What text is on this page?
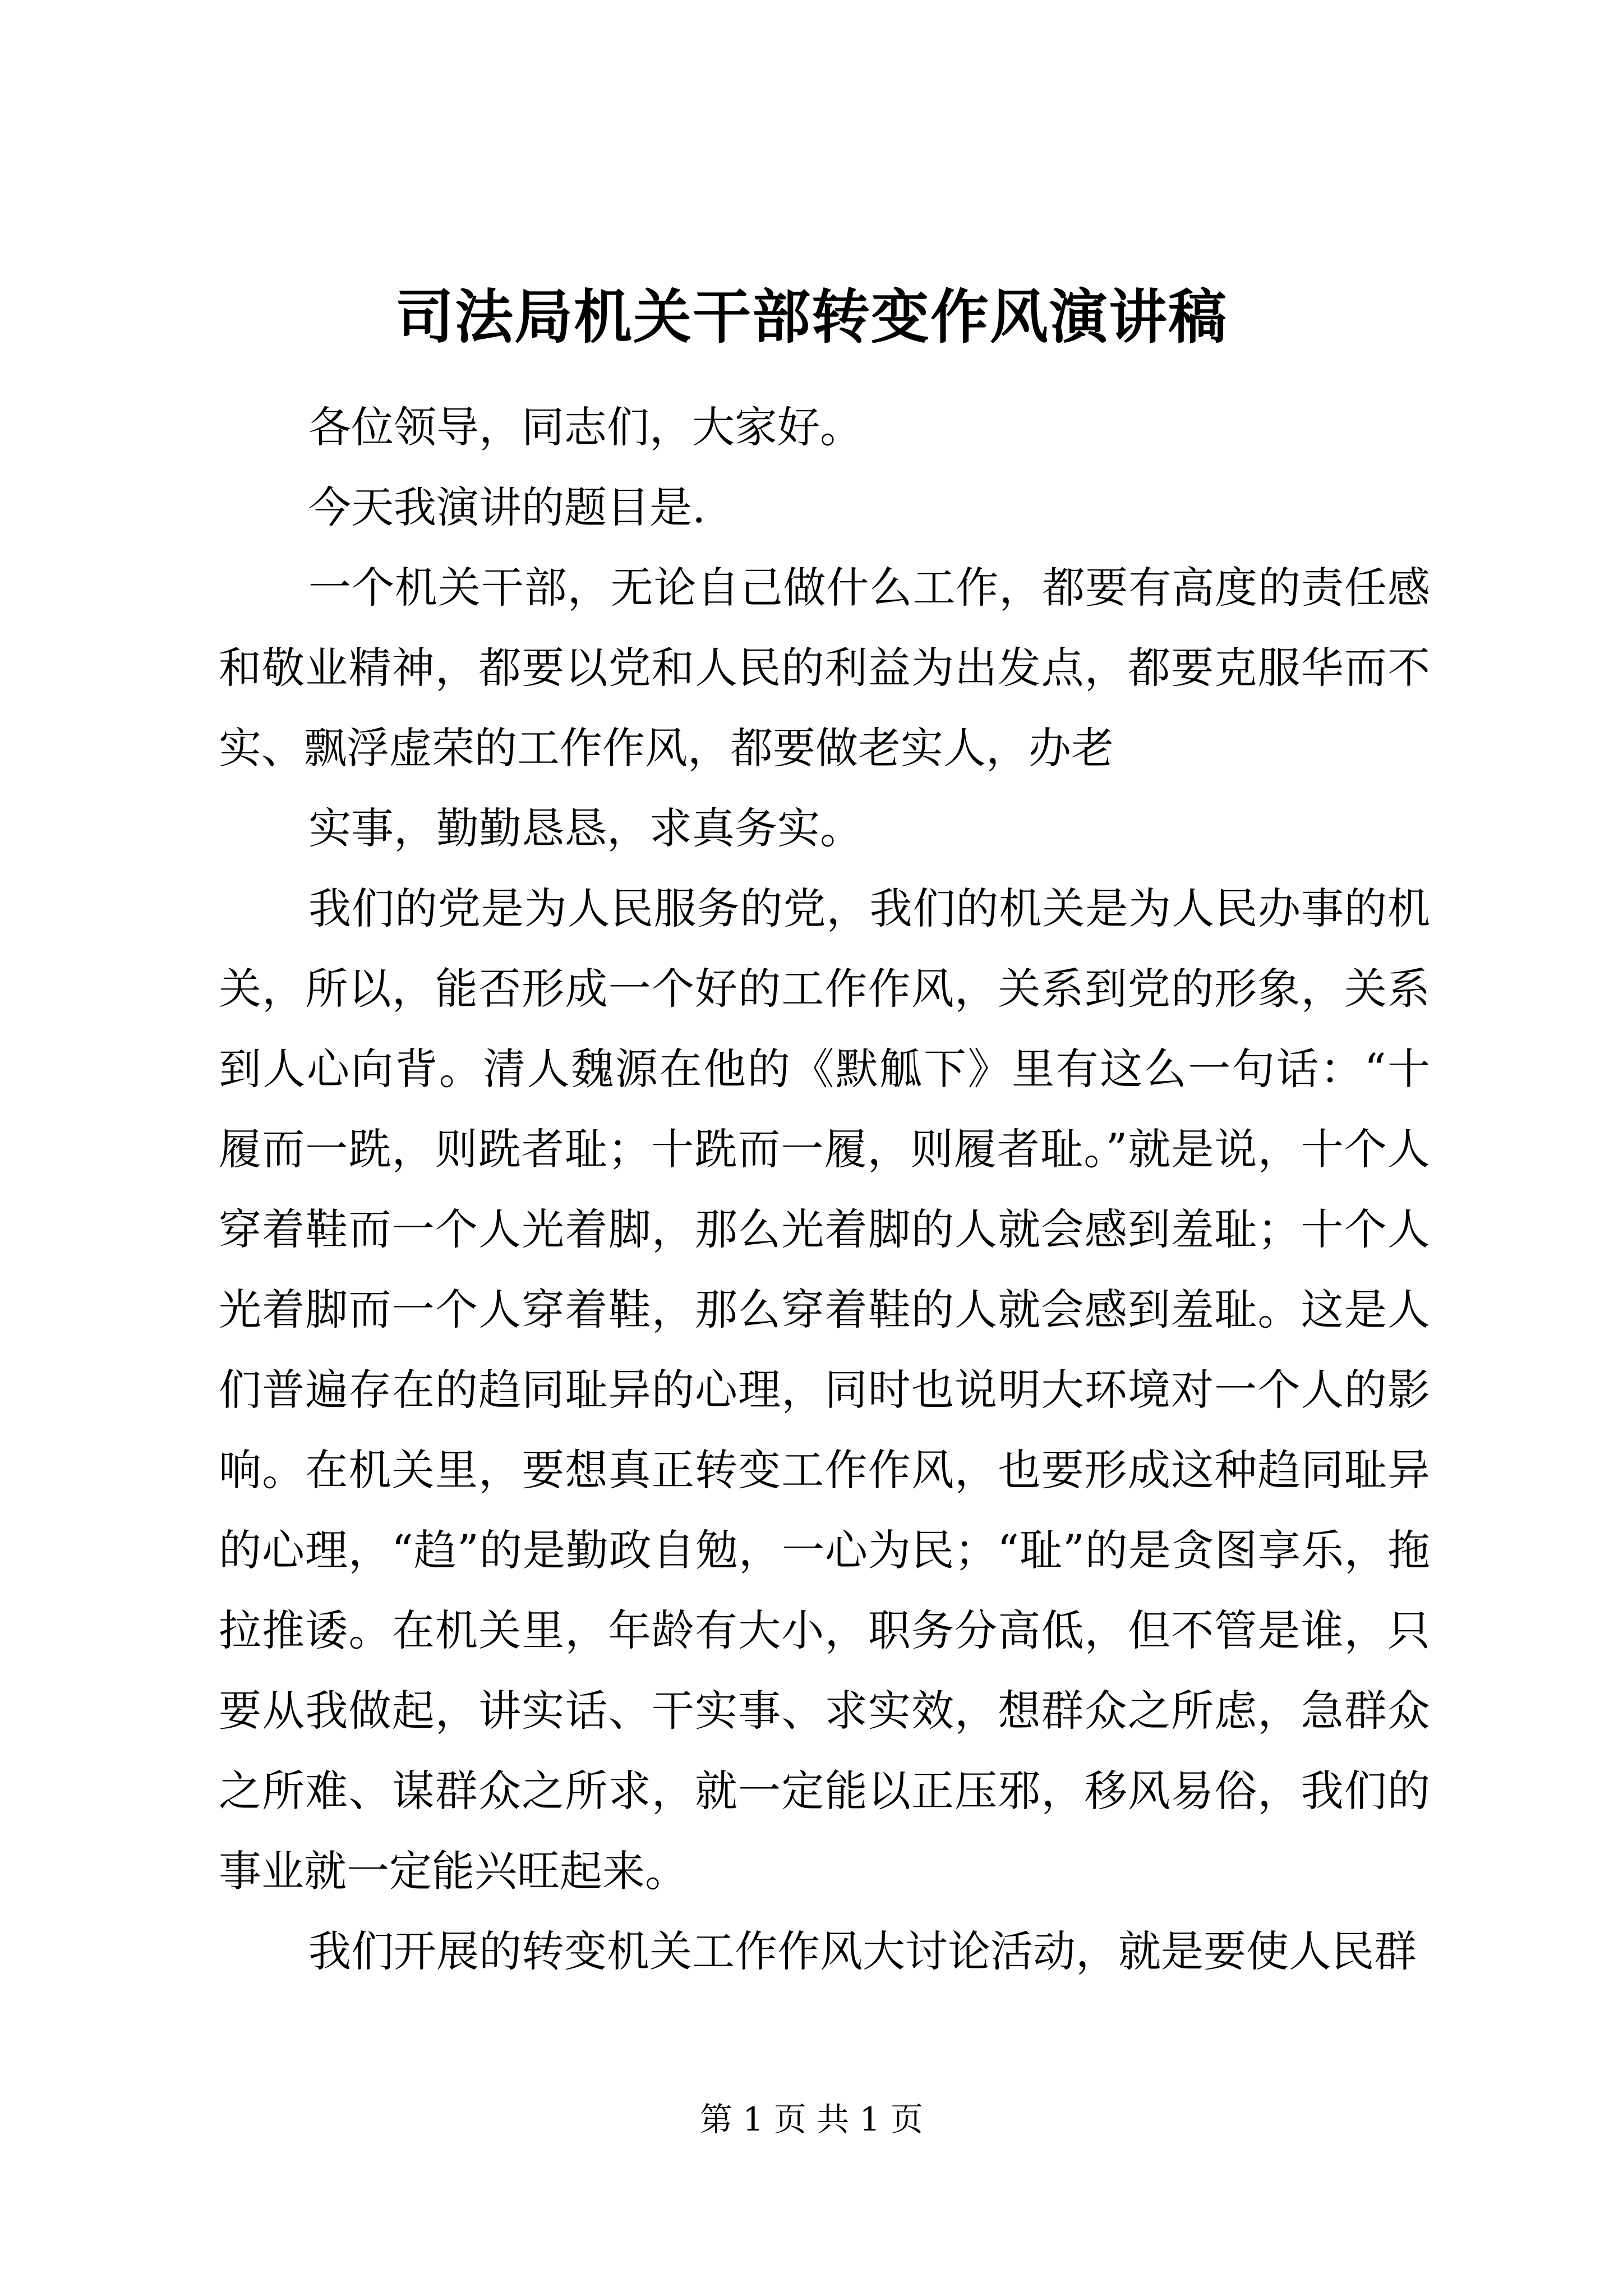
司法局机关干部转变作风演讲稿

各位领导，同志们，大家好。

今天我演讲的题目是.

一个机关干部，无论自己做什么工作，都要有高度的责任感和敬业精神，都要以党和人民的利益为出发点，都要克服华而不实、飘浮虚荣的工作作风，都要做老实人，办老

实事，勤勤恳恳，求真务实。

我们的党是为人民服务的党，我们的机关是为人民办事的机关，所以，能否形成一个好的工作作风，关系到党的形象，关系到人心向背。清人魏源在他的《默觚下》里有这么一句话：“十履而一跣，则跣者耻；十跣而一履，则履者耻。”就是说，十个人穿着鞋而一个人光着脚，那么光着脚的人就会感到羞耻；十个人光着脚而一个人穿着鞋，那么穿着鞋的人就会感到羞耻。这是人们普遍存在的趋同耻异的心理，同时也说明大环境对一个人的影响。在机关里，要想真正转变工作作风，也要形成这种趋同耻异的心理，“趋”的是勤政自勉，一心为民；“耻”的是贪图享乐，拖拉推诿。在机关里，年龄有大小，职务分高低，但不管是谁，只要从我做起，讲实话、干实事、求实效，想群众之所虑，急群众之所难、谋群众之所求，就一定能以正压邪，移风易俗，我们的事业就一定能兴旺起来。

我们开展的转变机关工作作风大讨论活动，就是要使人民群

第 1 页 共 1 页
